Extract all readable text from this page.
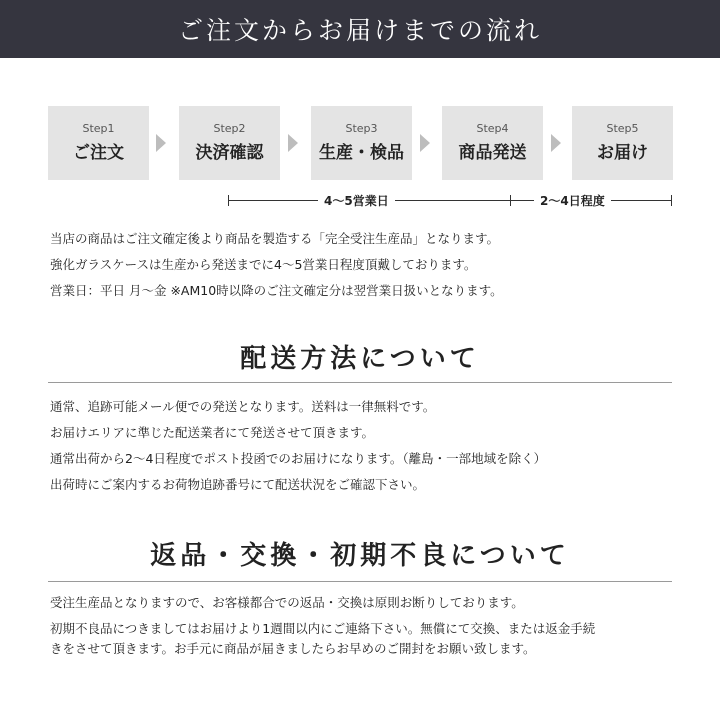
ご注文からお届けまでの流れ
Step1
ご注文
Step2
決済確認
Step3
生産・検品
Step4
商品発送
Step5
お届け
4～5営業日	2～4日程度

当店の商品はご注文確定後より商品を製造する「完全受注生産品」となります。

強化ガラスケースは生産から発送までに4～5営業日程度頂戴しております。

営業日：平日 月～金 ※AM10時以降のご注文確定分は翌営業日扱いとなります。

配送方法について

通常、追跡可能メール便での発送となります。送料は一律無料です。

お届けエリアに準じた配送業者にて発送させて頂きます。

通常出荷から2～4日程度でポスト投函でのお届けになります。（離島・一部地域を除く）

出荷時にご案内するお荷物追跡番号にて配送状況をご確認下さい。

返品・交換・初期不良について

受注生産品となりますので、お客様都合での返品・交換は原則お断りしております。

初期不良品につきましてはお届けより1週間以内にご連絡下さい。無償にて交換、または返金手続

きをさせて頂きます。お手元に商品が届きましたらお早めのご開封をお願い致します。
